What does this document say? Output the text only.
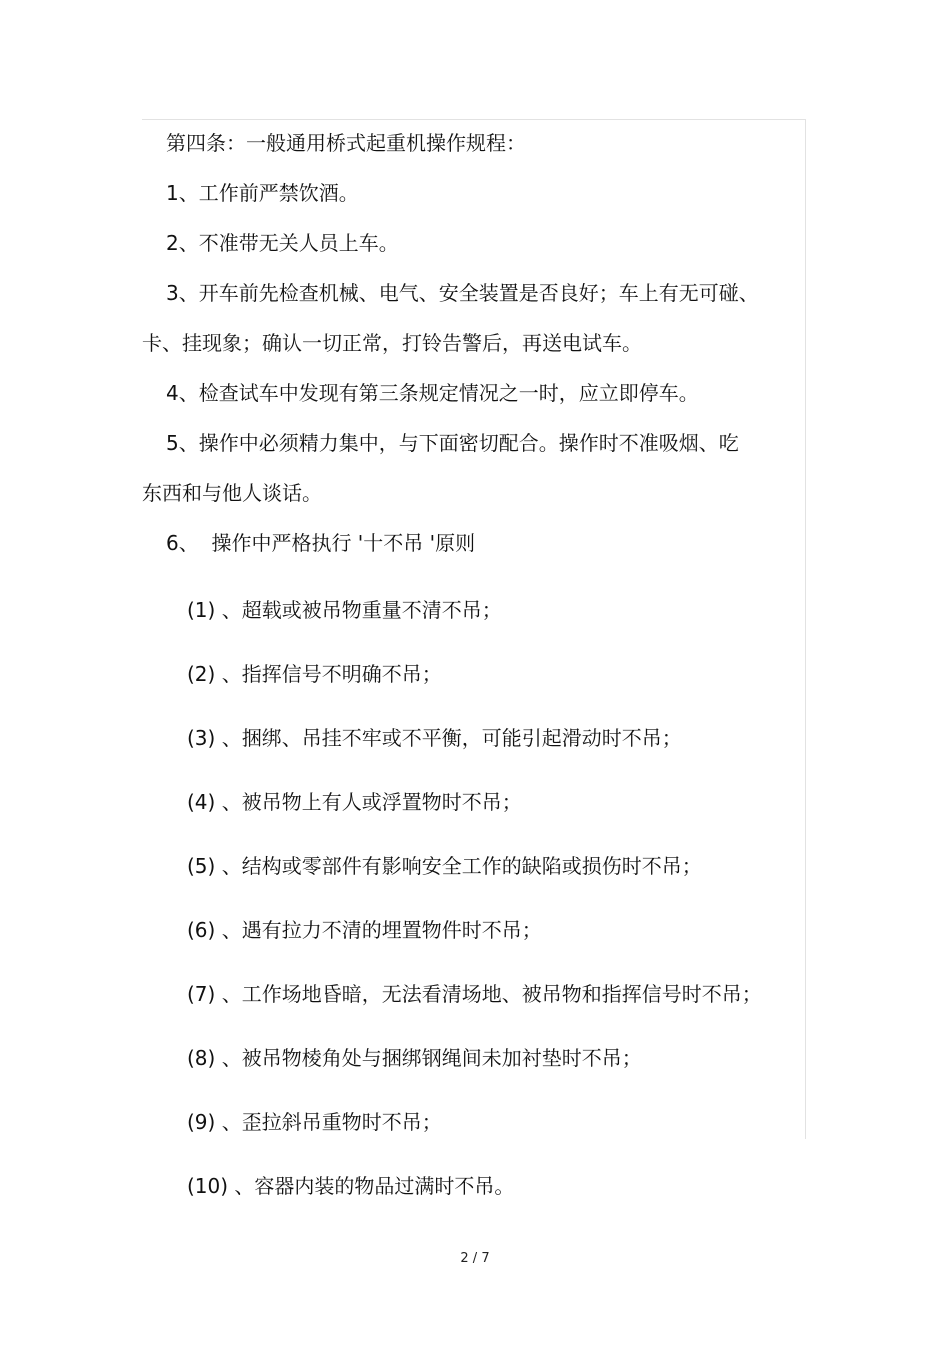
第四条：一般通用桥式起重机操作规程：

1、工作前严禁饮酒。

2、不准带无关人员上车。

3、开车前先检查机械、电气、安全装置是否良好；车上有无可碰、

卡、挂现象；确认一切正常，打铃告警后，再送电试车。

4、检查试车中发现有第三条规定情况之一时，应立即停车。

5、操作中必须精力集中，与下面密切配合。操作时不准吸烟、吃

东西和与他人谈话。

6、  操作中严格执行 '十不吊 '原则

(1) 、超载或被吊物重量不清不吊；

(2) 、指挥信号不明确不吊；

(3) 、捆绑、吊挂不牢或不平衡，可能引起滑动时不吊；

(4) 、被吊物上有人或浮置物时不吊；

(5) 、结构或零部件有影响安全工作的缺陷或损伤时不吊；

(6) 、遇有拉力不清的埋置物件时不吊；

(7) 、工作场地昏暗，无法看清场地、被吊物和指挥信号时不吊；

(8) 、被吊物棱角处与捆绑钢绳间未加衬垫时不吊；

(9) 、歪拉斜吊重物时不吊；

(10) 、容器内装的物品过满时不吊。

2 / 7
